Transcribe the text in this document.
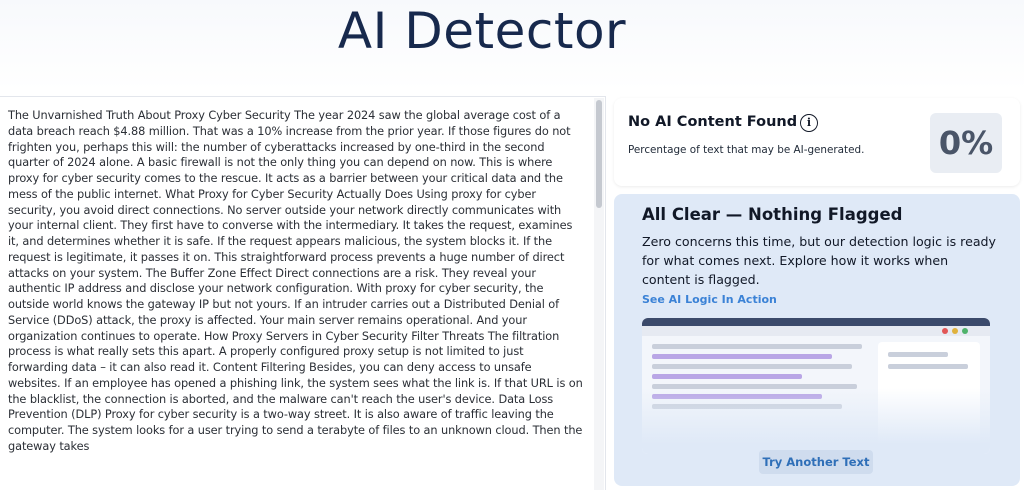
AI Detector
The Unvarnished Truth About Proxy Cyber Security The year 2024 saw the global average cost of a data breach reach $4.88 million. That was a 10% increase from the prior year. If those figures do not frighten you, perhaps this will: the number of cyberattacks increased by one-third in the second quarter of 2024 alone. A basic firewall is not the only thing you can depend on now. This is where proxy for cyber security comes to the rescue. It acts as a barrier between your critical data and the mess of the public internet. What Proxy for Cyber Security Actually Does Using proxy for cyber security, you avoid direct connections. No server outside your network directly communicates with your internal client. They first have to converse with the intermediary. It takes the request, examines it, and determines whether it is safe. If the request appears malicious, the system blocks it. If the request is legitimate, it passes it on. This straightforward process prevents a huge number of direct attacks on your system. The Buffer Zone Effect Direct connections are a risk. They reveal your authentic IP address and disclose your network configuration. With proxy for cyber security, the outside world knows the gateway IP but not yours. If an intruder carries out a Distributed Denial of Service (DDoS) attack, the proxy is affected. Your main server remains operational. And your organization continues to operate. How Proxy Servers in Cyber Security Filter Threats The filtration process is what really sets this apart. A properly configured proxy setup is not limited to just forwarding data – it can also read it. Content Filtering Besides, you can deny access to unsafe websites. If an employee has opened a phishing link, the system sees what the link is. If that URL is on the blacklist, the connection is aborted, and the malware can't reach the user's device. Data Loss Prevention (DLP) Proxy for cyber security is a two-way street. It is also aware of traffic leaving the computer. The system looks for a user trying to send a terabyte of files to an unknown cloud. Then the gateway takes
No AI Content Found i
Percentage of text that may be AI-generated. 0%
All Clear — Nothing Flagged
Zero concerns this time, but our detection logic is ready for what comes next. Explore how it works when content is flagged.
See AI Logic In Action
Try Another Text
